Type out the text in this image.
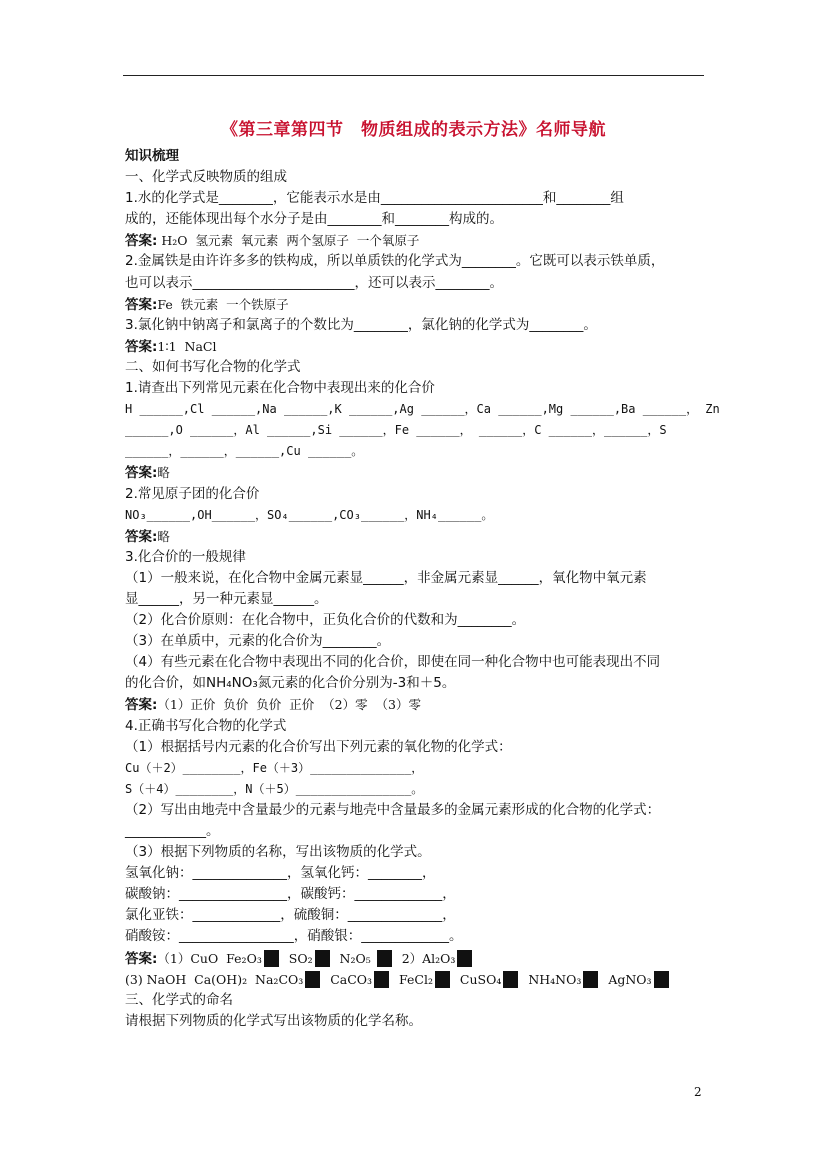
《第三章第四节　物质组成的表示方法》名师导航
知识梳理
一、化学式反映物质的组成
1.水的化学式是________，它能表示水是由________________________和________组
成的，还能体现出每个水分子是由________和________构成的。
答案: H₂O  氢元素  氧元素  两个氢原子  一个氧原子
2.金属铁是由许许多多的铁构成，所以单质铁的化学式为________。它既可以表示铁单质，
也可以表示________________________，还可以表示________。
答案:Fe  铁元素  一个铁原子
3.氯化钠中钠离子和氯离子的个数比为________，氯化钠的化学式为________。
答案:1∶1  NaCl
二、如何书写化合物的化学式
1.请查出下列常见元素在化合物中表现出来的化合价
H ______,Cl ______,Na ______,K ______,Ag ______，Ca ______,Mg ______,Ba ______， Zn
______,O ______，Al ______,Si ______，Fe ______， ______，C ______，______，S
______，______，______,Cu ______。
答案:略
2.常见原子团的化合价
NO₃______,OH______，SO₄______,CO₃______，NH₄______。
答案:略
3.化合价的一般规律
（1）一般来说，在化合物中金属元素显______，非金属元素显______，氧化物中氧元素
显______，另一种元素显______。
（2）化合价原则：在化合物中，正负化合价的代数和为________。
（3）在单质中，元素的化合价为________。
（4）有些元素在化合物中表现出不同的化合价，即使在同一种化合物中也可能表现出不同
的化合价，如NH₄NO₃氮元素的化合价分别为-3和＋5。
答案:（1）正价  负价  负价  正价  （2）零  （3）零
4.正确书写化合物的化学式
（1）根据括号内元素的化合价写出下列元素的氧化物的化学式：
Cu（＋2）________，Fe（＋3）______________，
S（＋4）________，N（＋5）________________。
（2）写出由地壳中含量最少的元素与地壳中含量最多的金属元素形成的化合物的化学式：
____________。
（3）根据下列物质的名称，写出该物质的化学式。
氢氧化钠：______________，氢氧化钙：________，
碳酸钠：________________，碳酸钙：_____________，
氯化亚铁：_____________，硫酸铜：______________，
硝酸铵：_________________，硝酸银：_____________。
答案:（1）CuO  Fe₂O₃  SO₂  N₂O₅   2）Al₂O₃
(3) NaOH  Ca(OH)₂  Na₂CO₃  CaCO₃  FeCl₂  CuSO₄  NH₄NO₃  AgNO₃
三、化学式的命名
请根据下列物质的化学式写出该物质的化学名称。
2
